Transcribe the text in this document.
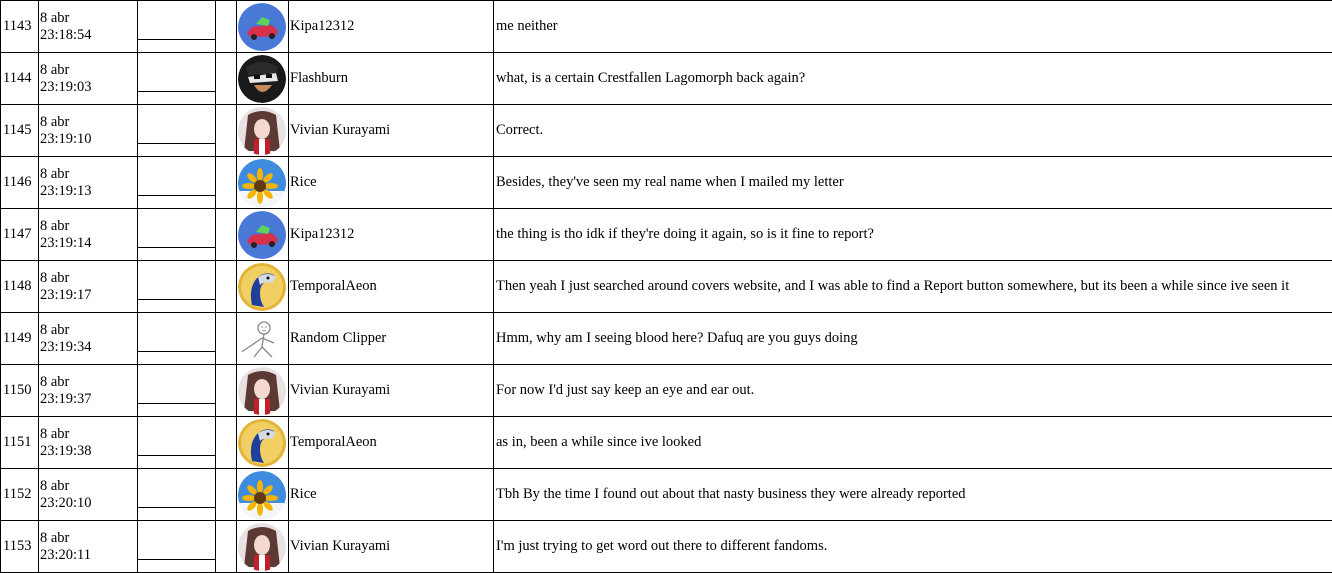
1143	8 abr
23:18:54				Kipa12312	me neither
1144	8 abr
23:19:03				Flashburn	what, is a certain Crestfallen Lagomorph back again?
1145	8 abr
23:19:10				Vivian Kurayami	Correct.
1146	8 abr
23:19:13				Rice	Besides, they've seen my real name when I mailed my letter
1147	8 abr
23:19:14				Kipa12312	the thing is tho idk if they're doing it again, so is it fine to report?
1148	8 abr
23:19:17				TemporalAeon	Then yeah I just searched around covers website, and I was able to find a Report button somewhere, but its been a while since ive seen it
1149	8 abr
23:19:34				Random Clipper	Hmm, why am I seeing blood here? Dafuq are you guys doing
1150	8 abr
23:19:37				Vivian Kurayami	For now I'd just say keep an eye and ear out.
1151	8 abr
23:19:38				TemporalAeon	as in, been a while since ive looked
1152	8 abr
23:20:10				Rice	Tbh By the time I found out about that nasty business they were already reported
1153	8 abr
23:20:11				Vivian Kurayami	I'm just trying to get word out there to different fandoms.
